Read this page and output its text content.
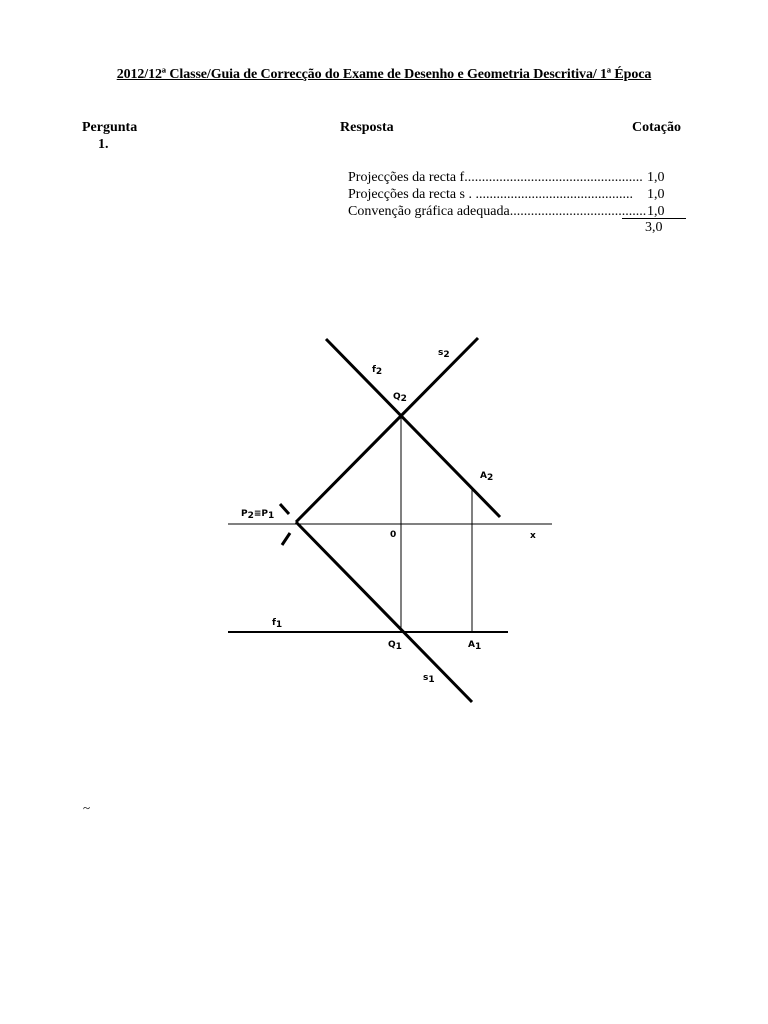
2012/12ª Classe/Guia de Correcção do Exame de Desenho e Geometria Descritiva/ 1ª Época
Pergunta	Resposta	Cotação
1.
Projecções da recta f................................................... 1,0
Projecções da recta s . ............................................. 1,0
Convenção gráfica adequada....................................... 1,0
3,0
f2
s2
Q2
A2
P2≡P1
0	x
f1
Q1	A1
s1
~
